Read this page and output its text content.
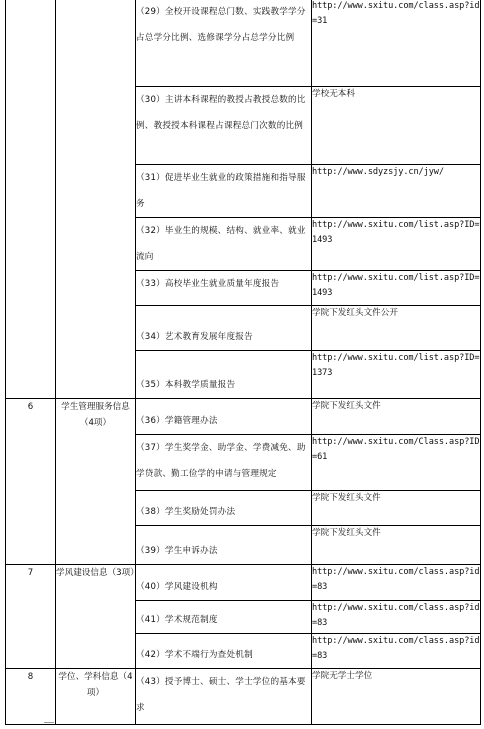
		（29）全校开设课程总门数、实践教学学分占总学分比例、选修课学分占总学分比例	http://www.sxitu.com/class.asp?id=31
		（30）主讲本科课程的教授占教授总数的比例、教授授本科课程占课程总门次数的比例	学校无本科
		（31）促进毕业生就业的政策措施和指导服务	http://www.sdyzsjy.cn/jyw/
		（32）毕业生的规模、结构、就业率、就业流向	http://www.sxitu.com/list.asp?ID=1493
		（33）高校毕业生就业质量年度报告	http://www.sxitu.com/list.asp?ID=1493
		（34）艺术教育发展年度报告	学院下发红头文件公开
		（35）本科教学质量报告	http://www.sxitu.com/list.asp?ID=1373
6	学生管理服务信息（4项）	（36）学籍管理办法	学院下发红头文件
		（37）学生奖学金、助学金、学费减免、助学贷款、勤工俭学的申请与管理规定	http://www.sxitu.com/Class.asp?ID=61
		（38）学生奖励处罚办法	学院下发红头文件
		（39）学生申诉办法	学院下发红头文件
7	学风建设信息（3项）	（40）学风建设机构	http://www.sxitu.com/class.asp?id=83
		（41）学术规范制度	http://www.sxitu.com/class.asp?id=83
		（42）学术不端行为查处机制	http://www.sxitu.com/class.asp?id=83
8	学位、学科信息（4项）	（43）授予博士、硕士、学士学位的基本要求	学院无学士学位
